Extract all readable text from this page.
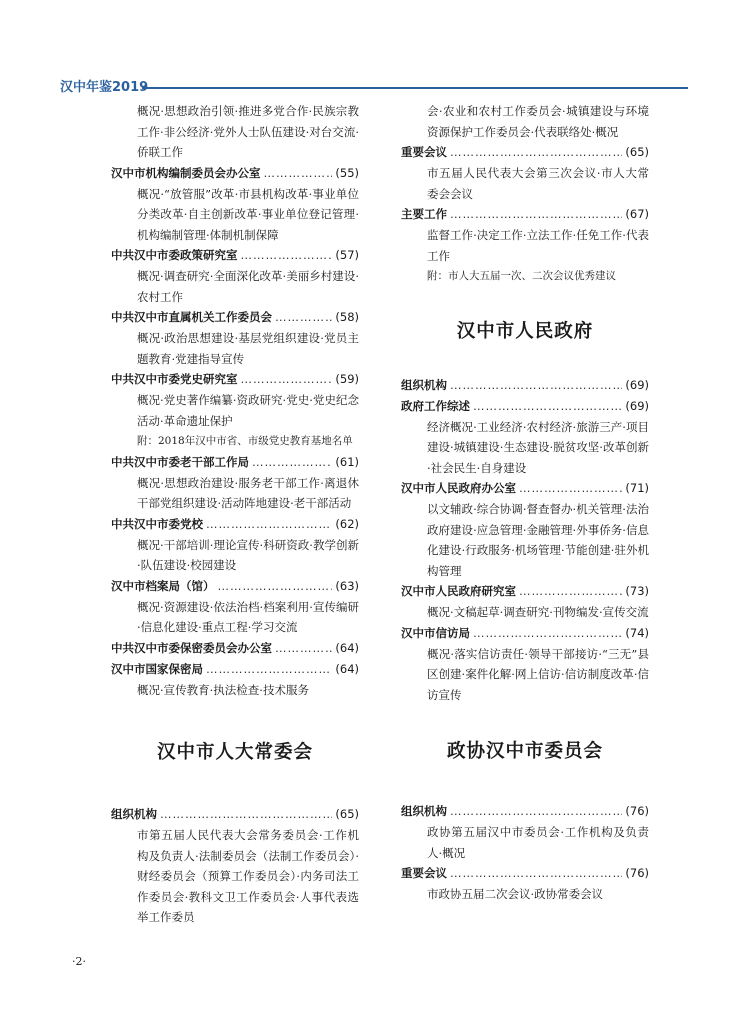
汉中年鉴2019
概况·思想政治引领·推进多党合作·民族宗教工作·非公经济·党外人士队伍建设·对台交流·侨联工作
汉中市机构编制委员会办公室 ………………………………………………………………………………………………	(55)
概况·“放管服”改革·市县机构改革·事业单位分类改革·自主创新改革·事业单位登记管理·机构编制管理·体制机制保障
中共汉中市委政策研究室 ………………………………………………………………………………………………	(57)
概况·调查研究·全面深化改革·美丽乡村建设·农村工作
中共汉中市直属机关工作委员会 ………………………………………………………………………………………………	(58)
概况·政治思想建设·基层党组织建设·党员主题教育·党建指导宣传
中共汉中市委党史研究室 ………………………………………………………………………………………………	(59)
概况·党史著作编纂·资政研究·党史·党史纪念活动·革命遗址保护
附：2018年汉中市省、市级党史教育基地名单
中共汉中市委老干部工作局 ………………………………………………………………………………………………	(61)
概况·思想政治建设·服务老干部工作·离退休干部党组织建设·活动阵地建设·老干部活动
中共汉中市委党校 ………………………………………………………………………………………………	(62)
概况·干部培训·理论宣传·科研资政·教学创新·队伍建设·校园建设
汉中市档案局（馆） ………………………………………………………………………………………………	(63)
概况·资源建设·依法治档·档案利用·宣传编研·信息化建设·重点工程·学习交流
中共汉中市委保密委员会办公室 ………………………………………………………………………………………………	(64)
汉中市国家保密局 ………………………………………………………………………………………………	(64)
概况·宣传教育·执法检查·技术服务
汉中市人大常委会
组织机构 ………………………………………………………………………………………………	(65)
市第五届人民代表大会常务委员会·工作机构及负责人·法制委员会（法制工作委员会）·财经委员会（预算工作委员会）·内务司法工作委员会·教科文卫工作委员会·人事代表选举工作委员
会·农业和农村工作委员会·城镇建设与环境资源保护工作委员会·代表联络处·概况
重要会议 ………………………………………………………………………………………………	(65)
市五届人民代表大会第三次会议·市人大常委会会议
主要工作 ………………………………………………………………………………………………	(67)
监督工作·决定工作·立法工作·任免工作·代表工作
附：市人大五届一次、二次会议优秀建议
汉中市人民政府
组织机构 ………………………………………………………………………………………………	(69)
政府工作综述 ………………………………………………………………………………………………	(69)
经济概况·工业经济·农村经济·旅游三产·项目建设·城镇建设·生态建设·脱贫攻坚·改革创新·社会民生·自身建设
汉中市人民政府办公室 ………………………………………………………………………………………………	(71)
以文辅政·综合协调·督查督办·机关管理·法治政府建设·应急管理·金融管理·外事侨务·信息化建设·行政服务·机场管理·节能创建·驻外机构管理
汉中市人民政府研究室 ………………………………………………………………………………………………	(73)
概况·文稿起草·调查研究·刊物编发·宣传交流
汉中市信访局 ………………………………………………………………………………………………	(74)
概况·落实信访责任·领导干部接访·“三无”县区创建·案件化解·网上信访·信访制度改革·信访宣传
政协汉中市委员会
组织机构 ………………………………………………………………………………………………	(76)
政协第五届汉中市委员会·工作机构及负责人·概况
重要会议 ………………………………………………………………………………………………	(76)
市政协五届二次会议·政协常委会议
·2·
